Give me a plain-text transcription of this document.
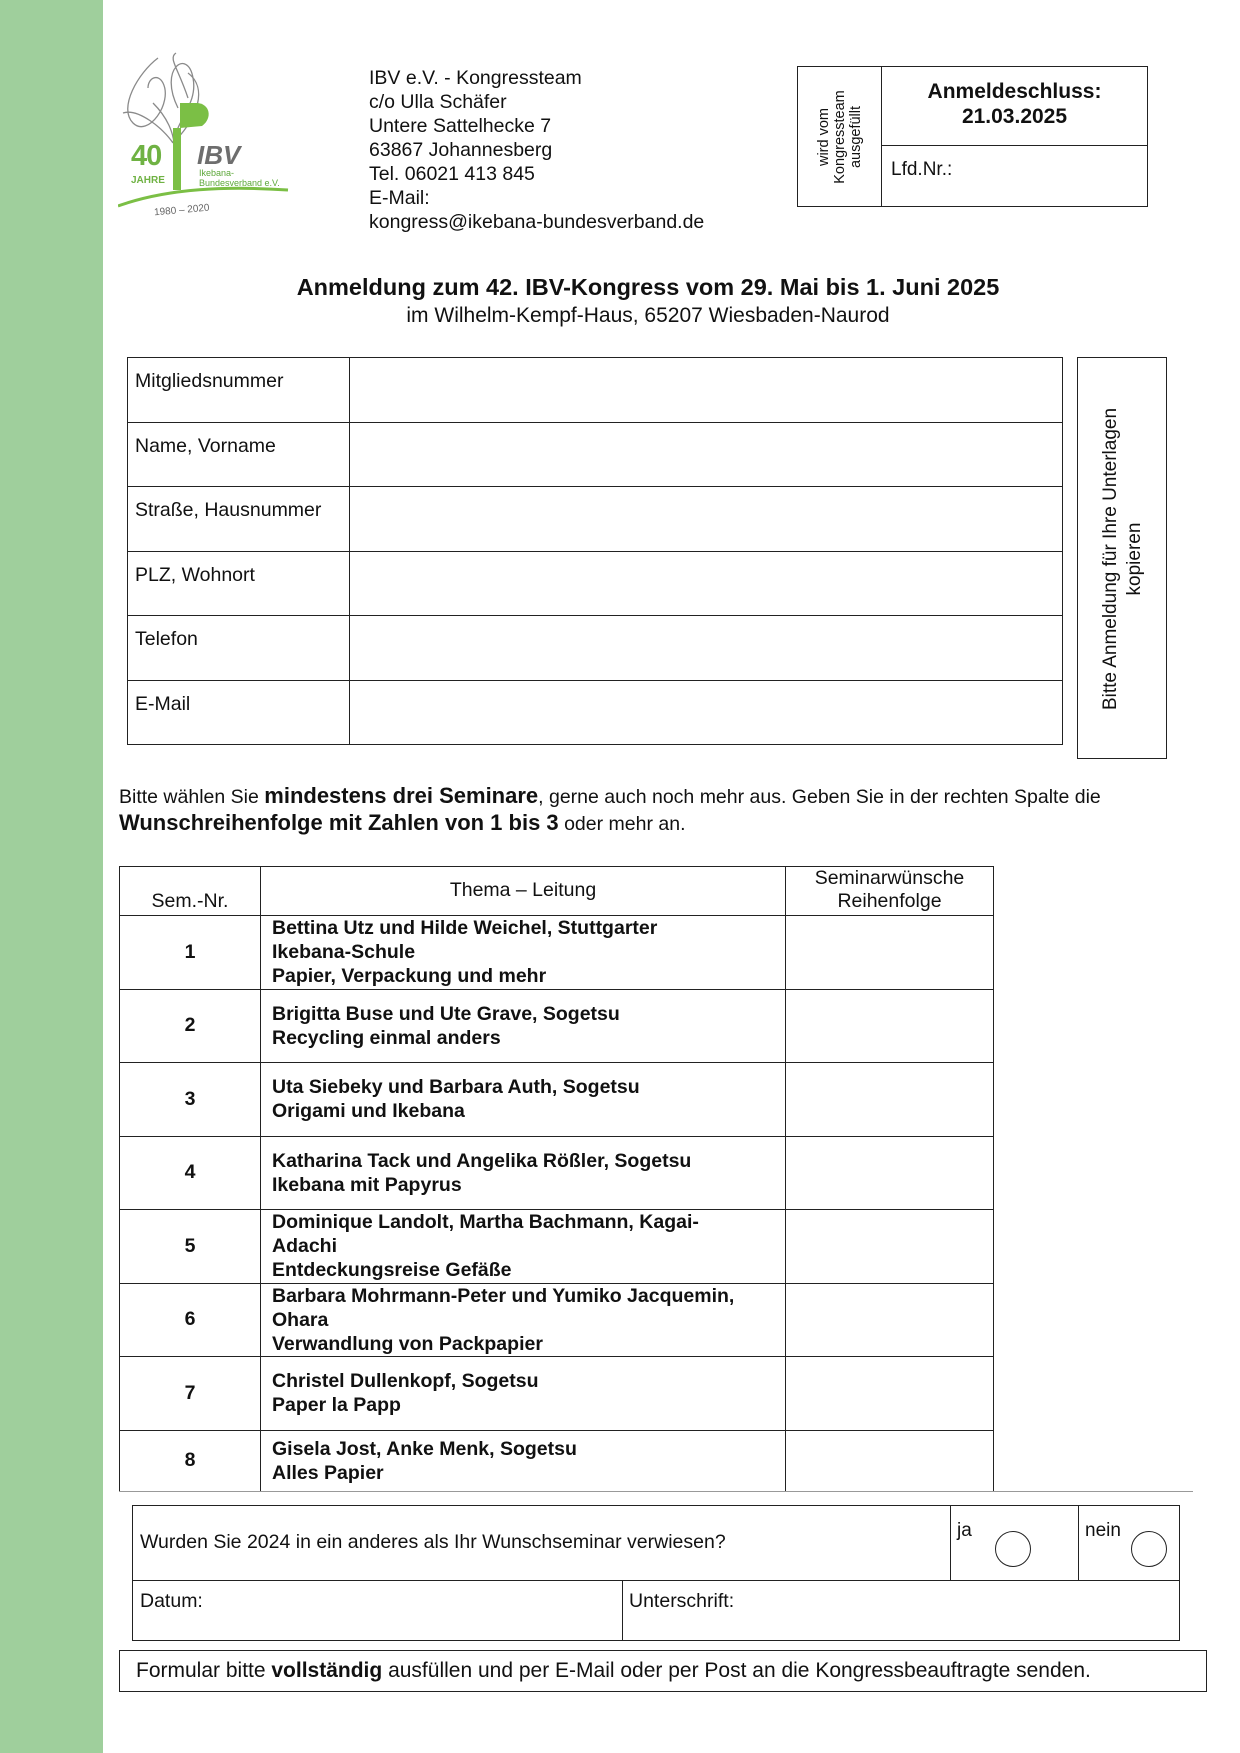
40
JAHRE
IBV
Ikebana-
Bundesverband e.V.
1980 – 2020
IBV e.V. - Kongressteam
c/o Ulla Schäfer
Untere Sattelhecke 7
63867 Johannesberg
Tel. 06021 413 845
E-Mail:
kongress@ikebana-bundesverband.de
wird vom Kongressteam ausgefüllt
Anmeldeschluss:
21.03.2025
Lfd.Nr.:
Anmeldung zum 42. IBV-Kongress vom 29. Mai bis 1. Juni 2025
im Wilhelm-Kempf-Haus, 65207 Wiesbaden-Naurod
Mitgliedsnummer	
Name, Vorname	
Straße, Hausnummer	
PLZ, Wohnort	
Telefon	
E-Mail		Bitte Anmeldung für Ihre Unterlagen kopieren
Bitte wählen Sie mindestens drei Seminare, gerne auch noch mehr aus. Geben Sie in der rechten Spalte die Wunschreihenfolge mit Zahlen von 1 bis 3 oder mehr an.
Sem.-Nr.	Thema – Leitung	Seminarwünsche
Reihenfolge

1	Bettina Utz und Hilde Weichel, Stuttgarter
Ikebana-Schule
Papier, Verpackung und mehr	

2	Brigitta Buse und Ute Grave, Sogetsu
Recycling einmal anders	

3	Uta Siebeky und Barbara Auth, Sogetsu
Origami und Ikebana	

4	Katharina Tack und Angelika Rößler, Sogetsu
Ikebana mit Papyrus	

5	Dominique Landolt, Martha Bachmann, Kagai-
Adachi
Entdeckungsreise Gefäße	

6	Barbara Mohrmann-Peter und Yumiko Jacquemin,
Ohara
Verwandlung von Packpapier	

7	Christel Dullenkopf, Sogetsu
Paper la Papp	

8	Gisela Jost, Anke Menk, Sogetsu
Alles Papier	

Wurden Sie 2024 in ein anderes als Ihr Wunschseminar verwiesen?
ja	nein
Datum:	Unterschrift:
Formular bitte vollständig ausfüllen und per E-Mail oder per Post an die Kongressbeauftragte senden.
